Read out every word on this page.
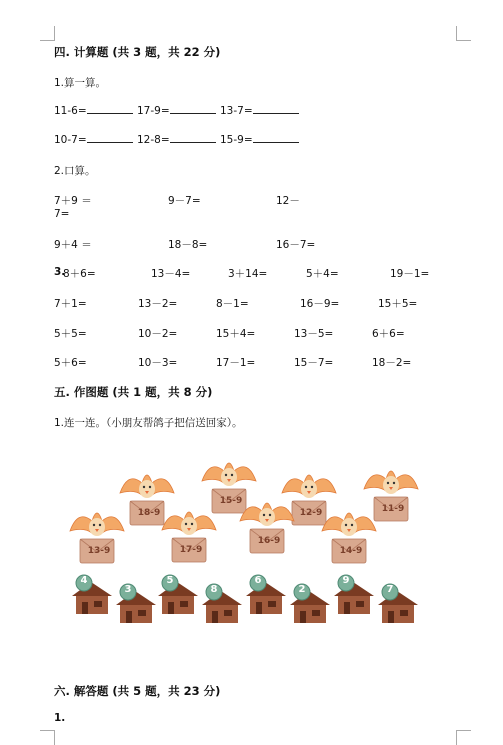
四. 计算题 (共 3 题，共 22 分)
1.算一算。
11-6=	17-9=	13-7=
10-7=	12-8=	15-9=
2.口算。
7＋9 ＝	9－7=	12－
7=
9＋4 ＝	18－8=	16－7=
3.
8＋6=	13－4=	3＋14=	5＋4=	19－1=
7＋1=	13－2=	8－1=	16－9=	15＋5=
5＋5=	10－2=	15＋4=	13－5=	6＋6=
5＋6=	10－3=	17－1=	15－7=	18－2=
五. 作图题 (共 1 题，共 8 分)
1.连一连。（小朋友帮鸽子把信送回家）。
18-9
15-9
12-9	11-9
13-9	17-9
16-9
14-9
4
3
5
8
6
2
9
7
六. 解答题 (共 5 题，共 23 分)
1.
